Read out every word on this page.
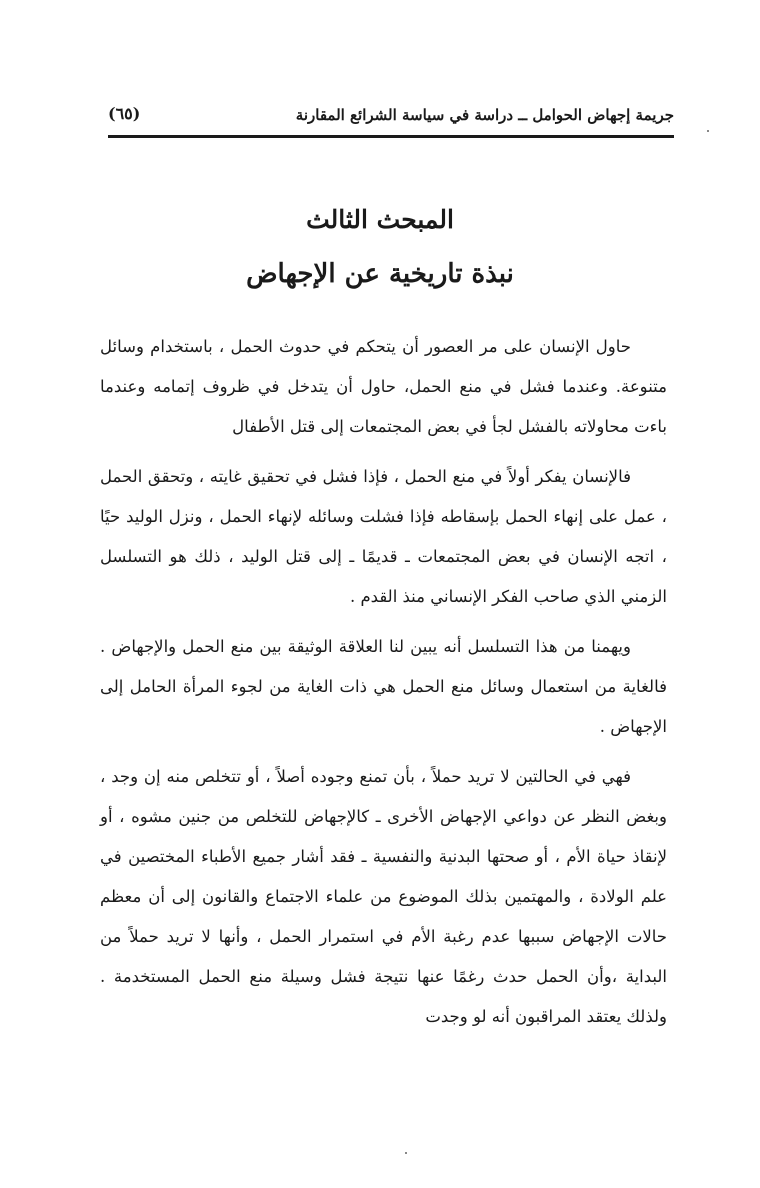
جريمة إجهاض الحوامل ــ دراسة في سياسة الشرائع المقارنة
(٦٥)
المبحث الثالث
نبذة تاريخية عن الإجهاض

حاول الإنسان على مر العصور أن يتحكم في حدوث الحمل ، باستخدام وسائل متنوعة. وعندما فشل في منع الحمل، حاول أن يتدخل في ظروف إتمامه وعندما باءت محاولاته بالفشل لجأ في بعض المجتمعات إلى قتل الأطفال

فالإنسان يفكر أولاً في منع الحمل ، فإذا فشل في تحقيق غايته ، وتحقق الحمل ، عمل على إنهاء الحمل بإسقاطه فإذا فشلت وسائله لإنهاء الحمل ، ونزل الوليد حيًا ، اتجه الإنسان في بعض المجتمعات ـ قديمًا ـ إلى قتل الوليد ، ذلك هو التسلسل الزمني الذي صاحب الفكر الإنساني منذ القدم .

ويهمنا من هذا التسلسل أنه يبين لنا العلاقة الوثيقة بين منع الحمل والإجهاض . فالغاية من استعمال وسائل منع الحمل هي ذات الغاية من لجوء المرأة الحامل إلى الإجهاض .

فهي في الحالتين لا تريد حملاً ، بأن تمنع وجوده أصلاً ، أو تتخلص منه إن وجد ، وبغض النظر عن دواعي الإجهاض الأخرى ـ كالإجهاض للتخلص من جنين مشوه ، أو لإنقاذ حياة الأم ، أو صحتها البدنية والنفسية ـ فقد أشار جميع الأطباء المختصين في علم الولادة ، والمهتمين بذلك الموضوع من علماء الاجتماع والقانون إلى أن معظم حالات الإجهاض سببها عدم رغبة الأم في استمرار الحمل ، وأنها لا تريد حملاً من البداية ،وأن الحمل حدث رغمًا عنها نتيجة فشل وسيلة منع الحمل المستخدمة . ولذلك يعتقد المراقبون أنه لو وجدت
